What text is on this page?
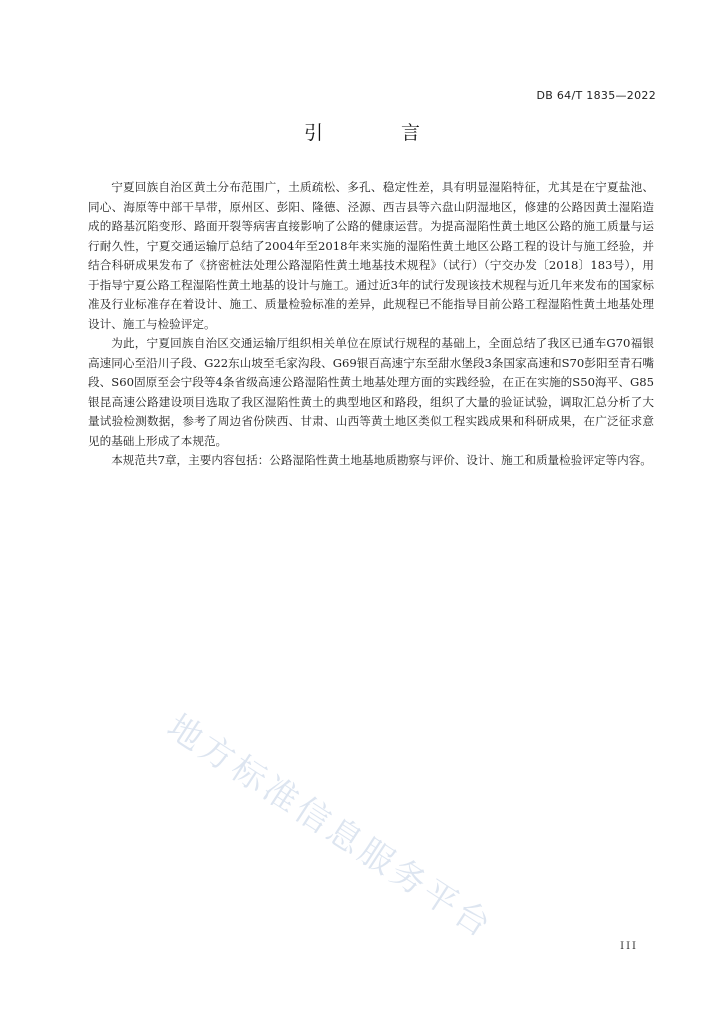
DB 64/T 1835—2022
引 言

宁夏回族自治区黄土分布范围广，土质疏松、多孔、稳定性差，具有明显湿陷特征，尤其是在宁夏盐池、同心、海原等中部干旱带，原州区、彭阳、隆德、泾源、西吉县等六盘山阴湿地区，修建的公路因黄土湿陷造成的路基沉陷变形、路面开裂等病害直接影响了公路的健康运营。为提高湿陷性黄土地区公路的施工质量与运行耐久性，宁夏交通运输厅总结了2004年至2018年来实施的湿陷性黄土地区公路工程的设计与施工经验，并结合科研成果发布了《挤密桩法处理公路湿陷性黄土地基技术规程》（试行）（宁交办发〔2018〕183号），用于指导宁夏公路工程湿陷性黄土地基的设计与施工。通过近3年的试行发现该技术规程与近几年来发布的国家标准及行业标准存在着设计、施工、质量检验标准的差异，此规程已不能指导目前公路工程湿陷性黄土地基处理设计、施工与检验评定。

为此，宁夏回族自治区交通运输厅组织相关单位在原试行规程的基础上，全面总结了我区已通车G70福银高速同心至沿川子段、G22东山坡至毛家沟段、G69银百高速宁东至甜水堡段3条国家高速和S70彭阳至青石嘴段、S60固原至会宁段等4条省级高速公路湿陷性黄土地基处理方面的实践经验，在正在实施的S50海平、G85银昆高速公路建设项目选取了我区湿陷性黄土的典型地区和路段，组织了大量的验证试验，调取汇总分析了大量试验检测数据，参考了周边省份陕西、甘肃、山西等黄土地区类似工程实践成果和科研成果，在广泛征求意见的基础上形成了本规范。

本规范共7章，主要内容包括：公路湿陷性黄土地基地质勘察与评价、设计、施工和质量检验评定等内容。

地方标准信息服务平台	III
